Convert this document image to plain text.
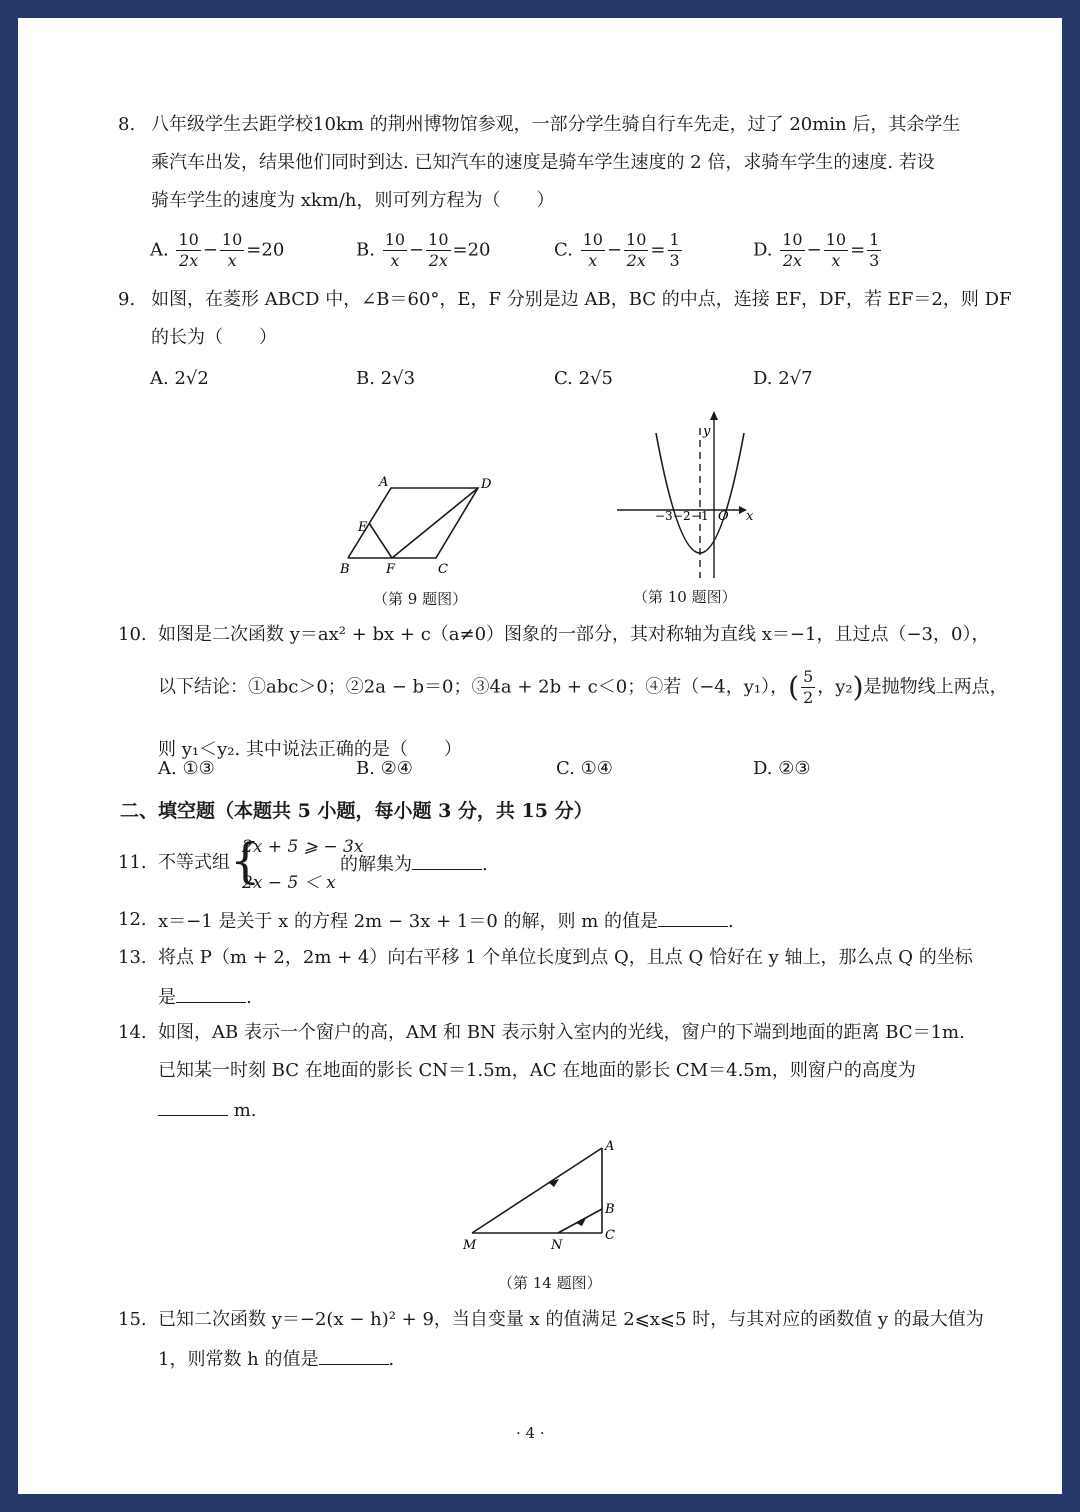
8. 八年级学生去距学校10km 的荆州博物馆参观，一部分学生骑自行车先走，过了 20min 后，其余学生
乘汽车出发，结果他们同时到达. 已知汽车的速度是骑车学生速度的 2 倍，求骑车学生的速度. 若设
骑车学生的速度为 xkm/h，则可列方程为（　　）
A. $\frac{10}{2x} - \frac{10}{x} =20$	B. $\frac{10}{x} - \frac{10}{2x} =20$	C. $\frac{10}{x} - \frac{10}{2x} = \frac{1}{3}$	D. $\frac{10}{2x} - \frac{10}{x} = \frac{1}{3}$
9. 如图，在菱形 ABCD 中，∠B＝60°，E，F 分别是边 AB，BC 的中点，连接 EF，DF，若 EF＝2，则 DF
的长为（　　）
A. 2√2	B. 2√3	C. 2√5	D. 2√7
A	D
E
B	F	C
（第 9 题图）
−3 −2 −1 O x
y
（第 10 题图）
10. 如图是二次函数 y＝ax² + bx + c（a≠0）图象的一部分，其对称轴为直线 x＝−1，且过点（−3，0），
以下结论：①abc＞0；②2a − b＝0；③4a + 2b + c＜0；④若（−4，y₁），( $\frac{5}{2}$ ，y₂)是抛物线上两点，
则 y₁＜y₂. 其中说法正确的是（　　）
A. ①③	B. ②④	C. ①④	D. ②③
二、填空题（本题共 5 小题，每小题 3 分，共 15 分）
11. 不等式组 {
2x + 5 ⩾ − 3x
2x − 5 ＜ x
的解集为	.
12. x＝−1 是关于 x 的方程 2m − 3x + 1＝0 的解，则 m 的值是	.
13. 将点 P（m + 2，2m + 4）向右平移 1 个单位长度到点 Q，且点 Q 恰好在 y 轴上，那么点 Q 的坐标
是	.
14. 如图，AB 表示一个窗户的高，AM 和 BN 表示射入室内的光线，窗户的下端到地面的距离 BC＝1m.
已知某一时刻 BC 在地面的影长 CN＝1.5m，AC 在地面的影长 CM＝4.5m，则窗户的高度为
m.
A
B
C
M	N
（第 14 题图）
15. 已知二次函数 y＝−2(x − h)² + 9，当自变量 x 的值满足 2⩽x⩽5 时，与其对应的函数值 y 的最大值为
1，则常数 h 的值是	.
· 4 ·
